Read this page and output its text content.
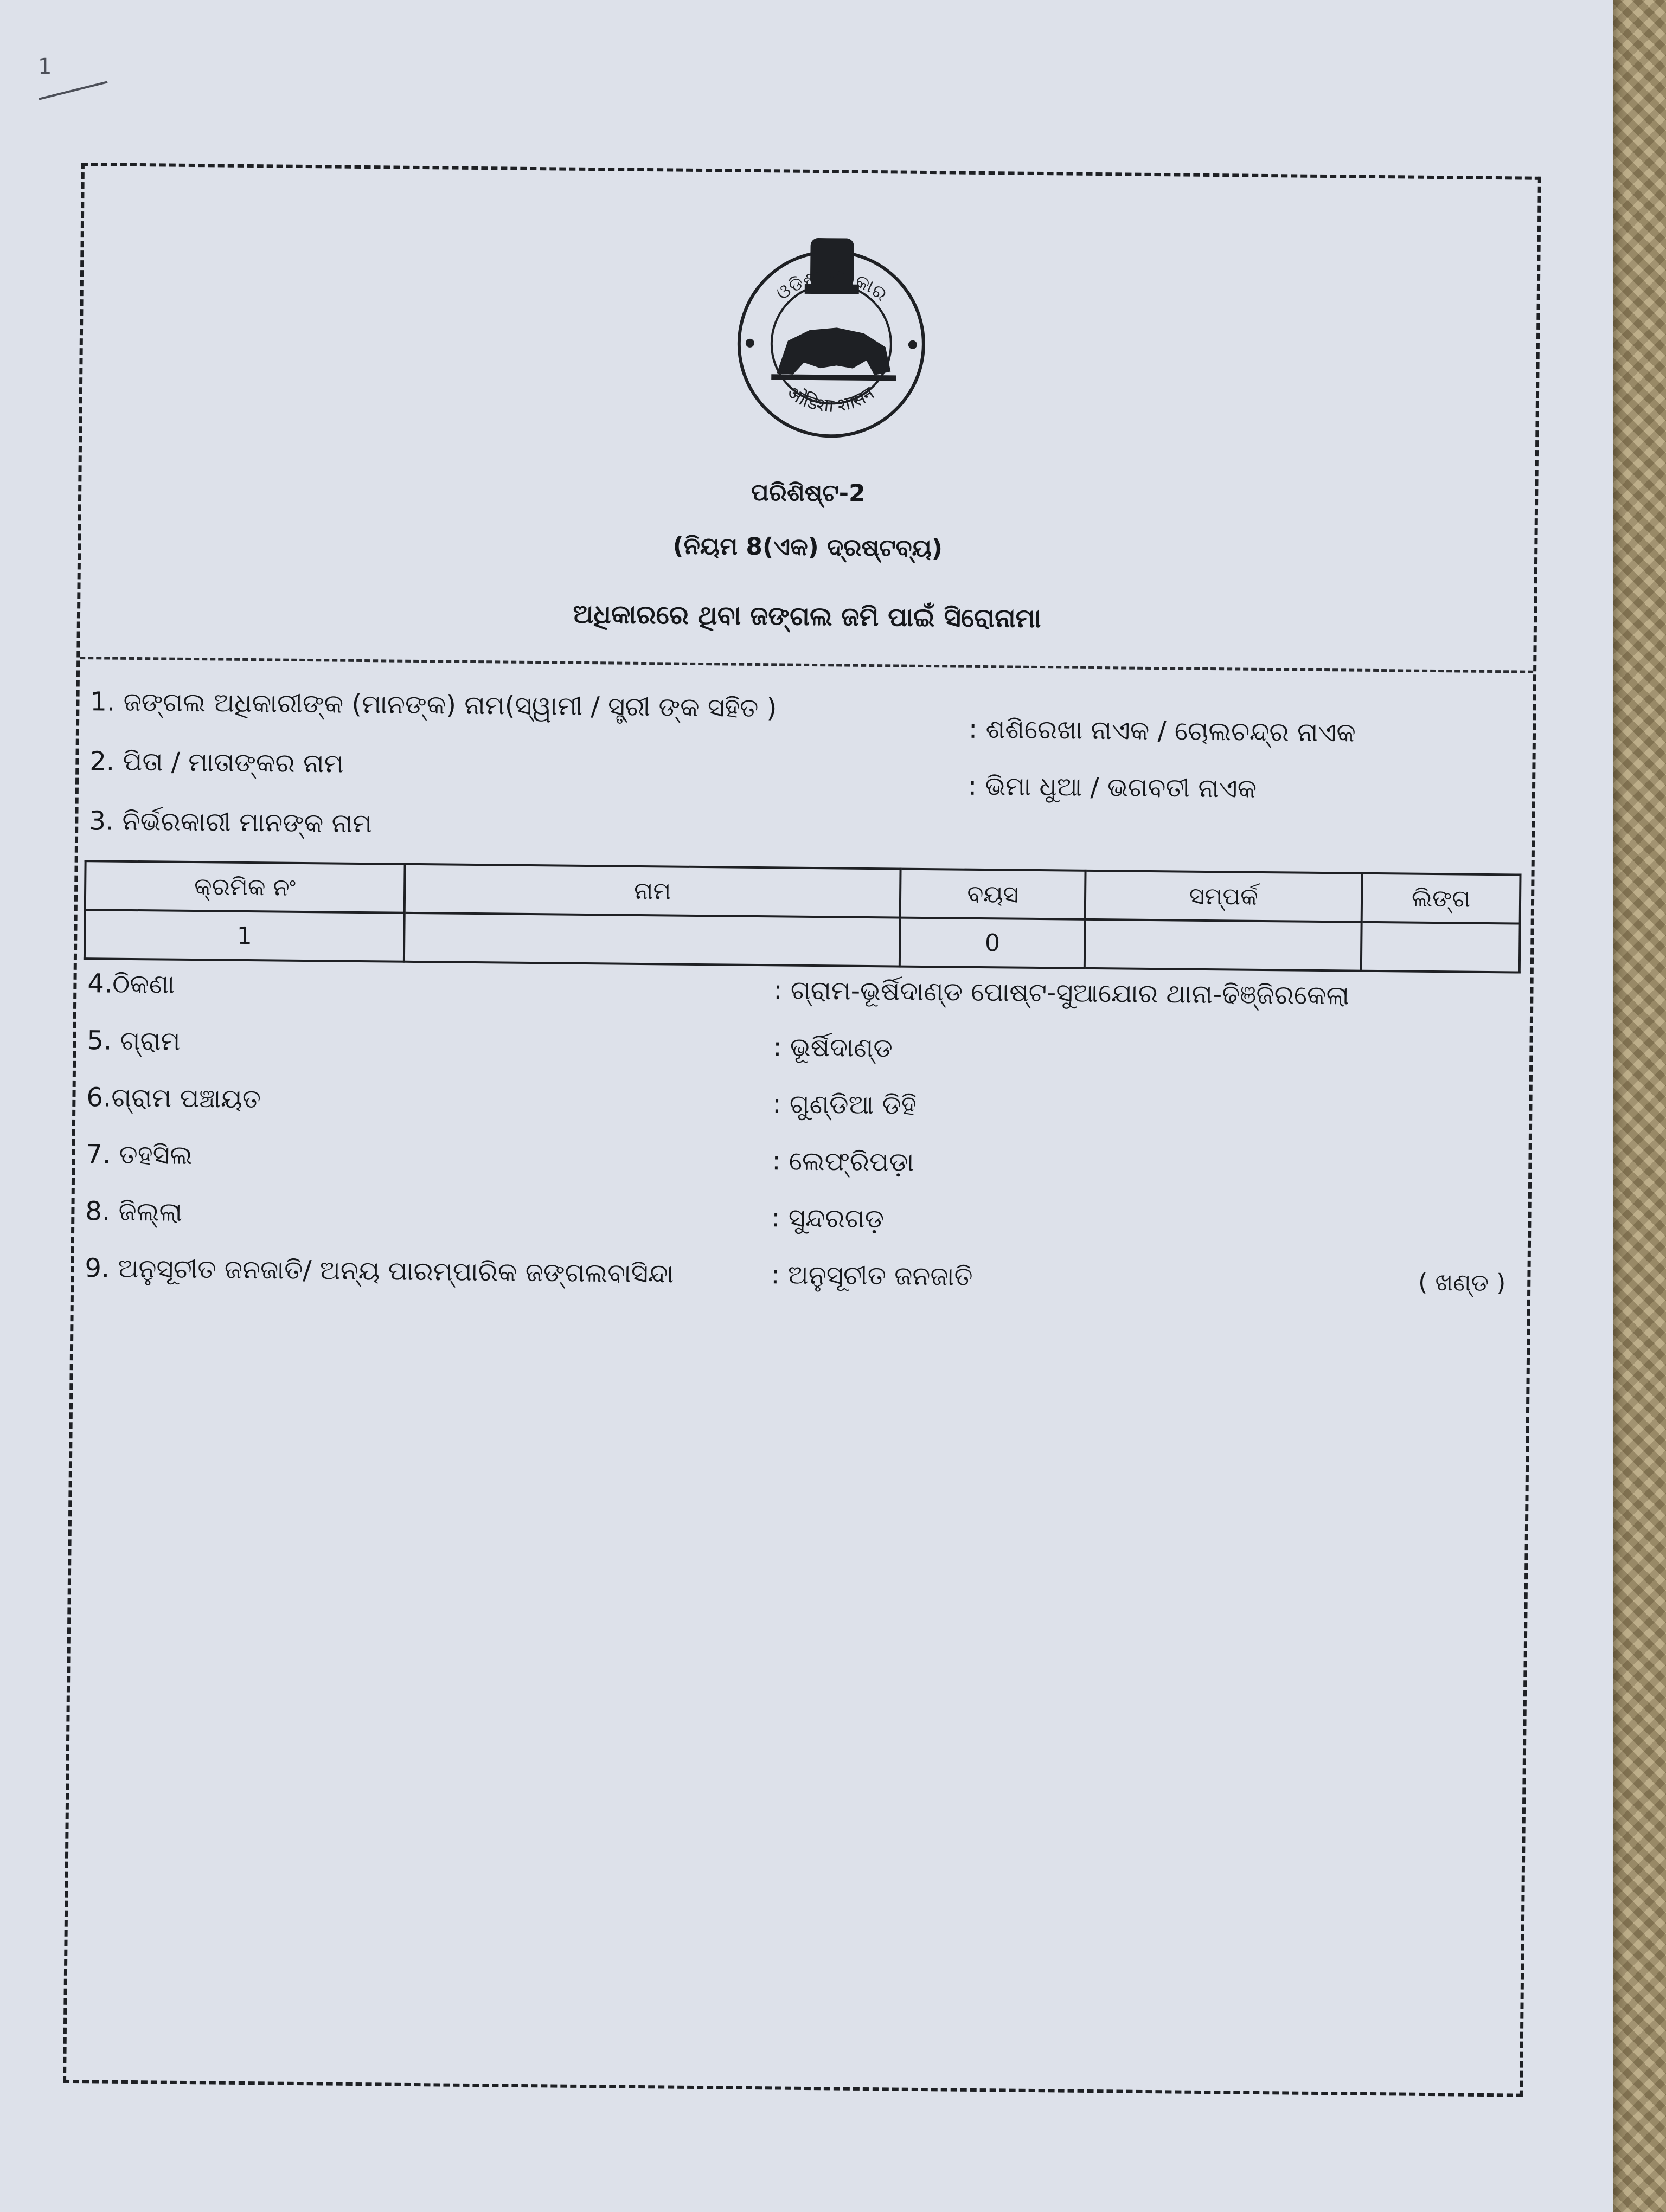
1
ଓଡ଼ିଶା ସରକାର
ओडिशा शासन
ପରିଶିଷ୍ଟ-2
(ନିୟମ 8(ଏକ) ଦ୍ରଷ୍ଟବ୍ୟ)
ଅଧିକାରରେ ଥିବା ଜଙ୍ଗଲ ଜମି ପାଇଁ ସିରୋନାମା
1. ଜଙ୍ଗଲ ଅଧିକାରୀଙ୍କ (ମାନଙ୍କ) ନାମ(ସ୍ୱାମୀ / ସ୍ତ୍ରୀ ଙ୍କ ସହିତ )
: ଶଶିରେଖା ନାଏକ / ଚୋଲଚନ୍ଦ୍ର ନାଏକ
2. ପିତା / ମାତାଙ୍କର ନାମ
: ଭିମା ଧୁଆ / ଭଗବତୀ ନାଏକ
3. ନିର୍ଭରକାରୀ ମାନଙ୍କ ନାମ
କ୍ରମିକ ନଂ	ନାମ	ବୟସ	ସମ୍ପର୍କ	ଲିଙ୍ଗ
1		0		
4.ଠିକଣା	: ଗ୍ରାମ-ଭୂର୍ଷିଦାଣ୍ଡ ପୋଷ୍ଟ-ସୁଆଯୋର ଥାନା-ଢିଞ୍ଜିରକେଲା
5. ଗ୍ରାମ	: ଭୂର୍ଷିଦାଣ୍ଡ
6.ଗ୍ରାମ ପଞ୍ଚାୟତ	: ଗୁଣ୍ଡିଆ ଡିହି
7. ତହସିଲ	: ଲେଫ୍ରିପଡ଼ା
8. ଜିଲ୍ଲା	: ସୁନ୍ଦରଗଡ଼
9. ଅନୁସୂଚୀତ ଜନଜାତି/ ଅନ୍ୟ ପାରମ୍ପାରିକ ଜଙ୍ଗଲବାସିନ୍ଦା	: ଅନୁସୂଚୀତ ଜନଜାତି	( ଖଣ୍ଡ )
